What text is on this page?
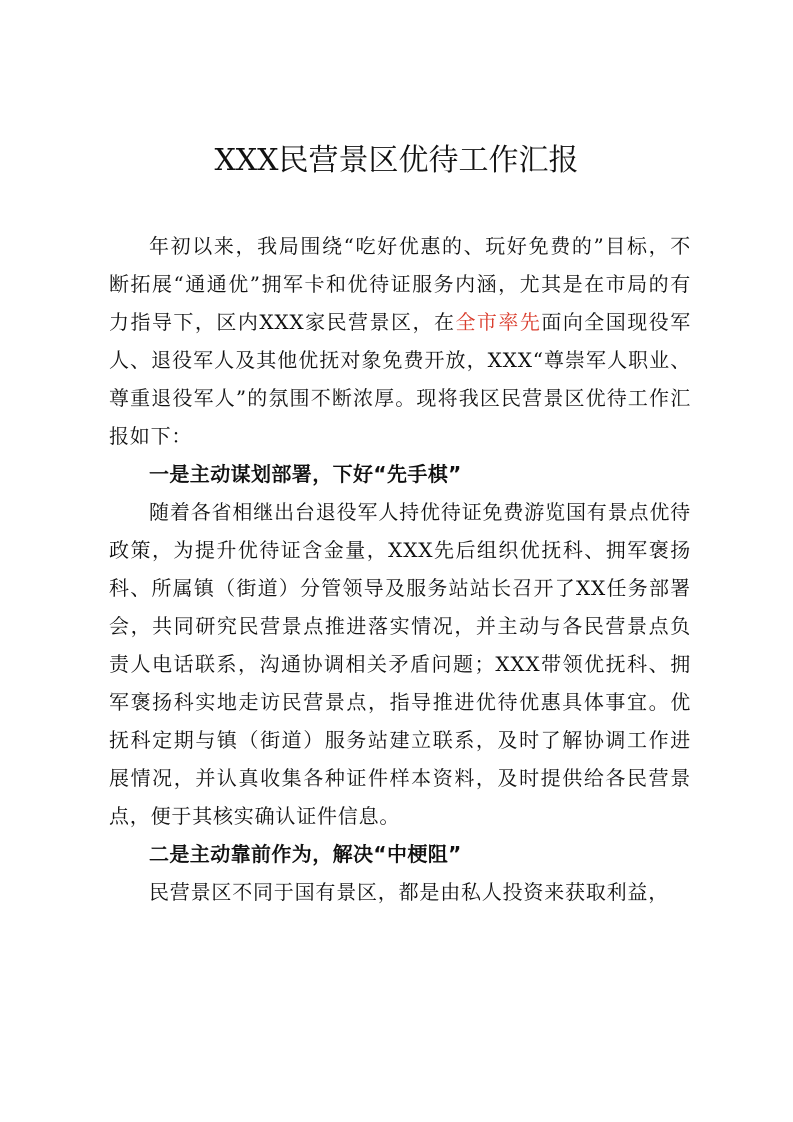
XXX民营景区优待工作汇报

年初以来，我局围绕“吃好优惠的、玩好免费的”目标，不断拓展“通通优”拥军卡和优待证服务内涵，尤其是在市局的有力指导下，区内XXX家民营景区，在全市率先面向全国现役军人、退役军人及其他优抚对象免费开放，XXX“尊崇军人职业、尊重退役军人”的氛围不断浓厚。现将我区民营景区优待工作汇报如下：

一是主动谋划部署，下好“先手棋”

随着各省相继出台退役军人持优待证免费游览国有景点优待政策，为提升优待证含金量，XXX先后组织优抚科、拥军褒扬科、所属镇（街道）分管领导及服务站站长召开了XX任务部署会，共同研究民营景点推进落实情况，并主动与各民营景点负责人电话联系，沟通协调相关矛盾问题；XXX带领优抚科、拥军褒扬科实地走访民营景点，指导推进优待优惠具体事宜。优抚科定期与镇（街道）服务站建立联系，及时了解协调工作进展情况，并认真收集各种证件样本资料，及时提供给各民营景点，便于其核实确认证件信息。

二是主动靠前作为，解决“中梗阻”

民营景区不同于国有景区，都是由私人投资来获取利益，
